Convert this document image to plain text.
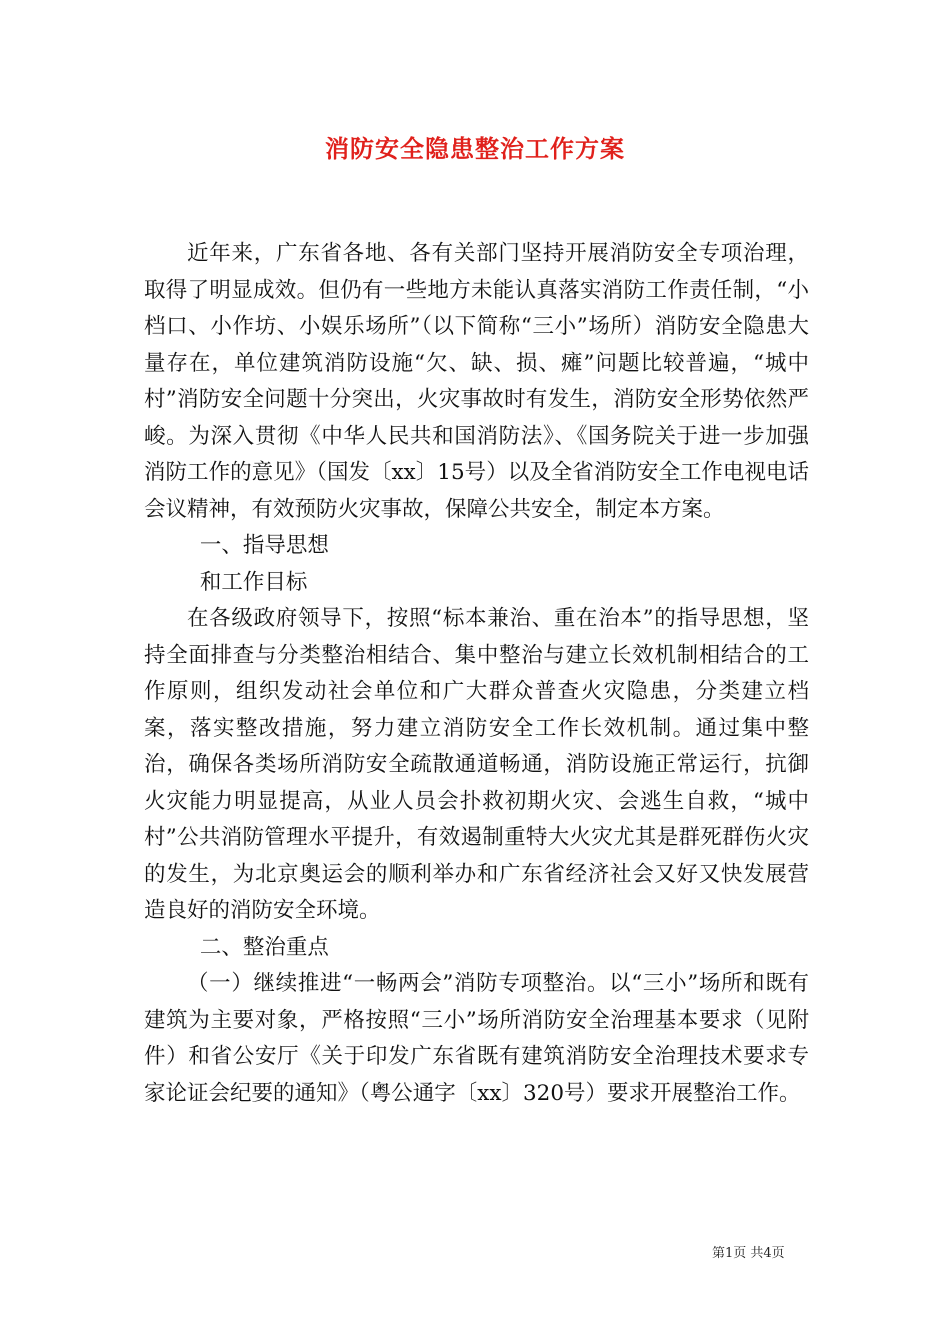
消防安全隐患整治工作方案

近年来，广东省各地、各有关部门坚持开展消防安全专项治理，取得了明显成效。但仍有一些地方未能认真落实消防工作责任制，“小档口、小作坊、小娱乐场所”（以下简称“三小”场所）消防安全隐患大量存在，单位建筑消防设施“欠、缺、损、瘫”问题比较普遍，“城中村”消防安全问题十分突出，火灾事故时有发生，消防安全形势依然严峻。为深入贯彻《中华人民共和国消防法》、《国务院关于进一步加强消防工作的意见》（国发〔xx〕15号）以及全省消防安全工作电视电话会议精神，有效预防火灾事故，保障公共安全，制定本方案。

一、指导思想

和工作目标

在各级政府领导下，按照“标本兼治、重在治本”的指导思想，坚持全面排查与分类整治相结合、集中整治与建立长效机制相结合的工作原则，组织发动社会单位和广大群众普查火灾隐患，分类建立档案，落实整改措施，努力建立消防安全工作长效机制。通过集中整治，确保各类场所消防安全疏散通道畅通，消防设施正常运行，抗御火灾能力明显提高，从业人员会扑救初期火灾、会逃生自救，“城中村”公共消防管理水平提升，有效遏制重特大火灾尤其是群死群伤火灾的发生，为北京奥运会的顺利举办和广东省经济社会又好又快发展营造良好的消防安全环境。

二、整治重点

（一）继续推进“一畅两会”消防专项整治。以“三小”场所和既有建筑为主要对象，严格按照“三小”场所消防安全治理基本要求（见附件）和省公安厅《关于印发广东省既有建筑消防安全治理技术要求专家论证会纪要的通知》（粤公通字〔xx〕320号）要求开展整治工作。

第1页 共4页
